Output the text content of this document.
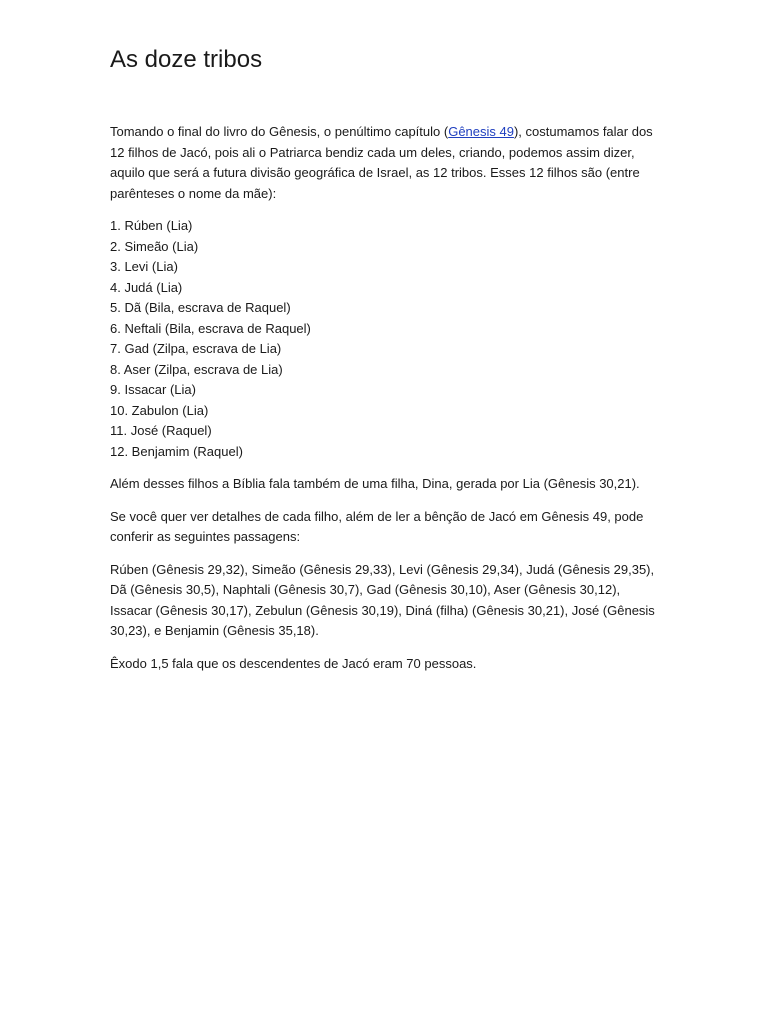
As doze tribos

Tomando o final do livro do Gênesis, o penúltimo capítulo (Gênesis 49), costumamos falar dos 12 filhos de Jacó, pois ali o Patriarca bendiz cada um deles, criando, podemos assim dizer, aquilo que será a futura divisão geográfica de Israel, as 12 tribos. Esses 12 filhos são (entre parênteses o nome da mãe):

1. Rúben (Lia)
2. Simeão (Lia)
3. Levi (Lia)
4. Judá (Lia)
5. Dã (Bila, escrava de Raquel)
6. Neftali (Bila, escrava de Raquel)
7. Gad (Zilpa, escrava de Lia)
8. Aser (Zilpa, escrava de Lia)
9. Issacar (Lia)
10. Zabulon (Lia)
11. José (Raquel)
12. Benjamim (Raquel)

Além desses filhos a Bíblia fala também de uma filha, Dina, gerada por Lia (Gênesis 30,21).

Se você quer ver detalhes de cada filho, além de ler a bênção de Jacó em Gênesis 49, pode conferir as seguintes passagens:

Rúben (Gênesis 29,32), Simeão (Gênesis 29,33), Levi (Gênesis 29,34), Judá (Gênesis 29,35), Dã (Gênesis 30,5), Naphtali (Gênesis 30,7), Gad (Gênesis 30,10), Aser (Gênesis 30,12), Issacar (Gênesis 30,17), Zebulun (Gênesis 30,19), Diná (filha) (Gênesis 30,21), José (Gênesis 30,23), e Benjamin (Gênesis 35,18).

Êxodo 1,5 fala que os descendentes de Jacó eram 70 pessoas.
